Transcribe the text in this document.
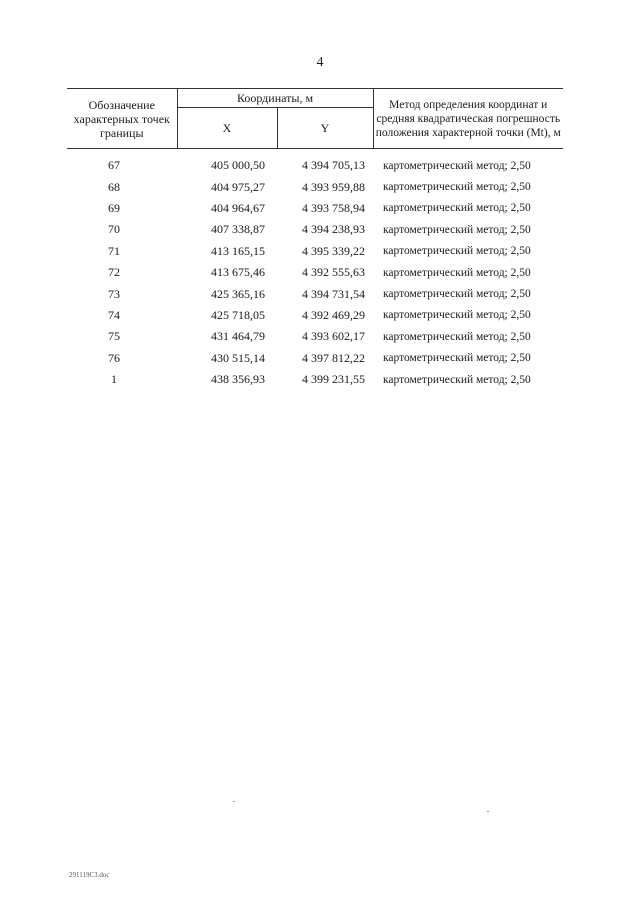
4
Обозначение характерных точек границы	Координаты, м		Метод определения координат и средняя квадратическая погрешность положения характерной точки (Mt), м
	X	Y	
67	405 000,50	4 394 705,13	картометрический метод; 2,50
68	404 975,27	4 393 959,88	картометрический метод; 2,50
69	404 964,67	4 393 758,94	картометрический метод; 2,50
70	407 338,87	4 394 238,93	картометрический метод; 2,50
71	413 165,15	4 395 339,22	картометрический метод; 2,50
72	413 675,46	4 392 555,63	картометрический метод; 2,50
73	425 365,16	4 394 731,54	картометрический метод; 2,50
74	425 718,05	4 392 469,29	картометрический метод; 2,50
75	431 464,79	4 393 602,17	картометрический метод; 2,50
76	430 515,14	4 397 812,22	картометрический метод; 2,50
1	438 356,93	4 399 231,55	картометрический метод; 2,50
291119C3.doc
